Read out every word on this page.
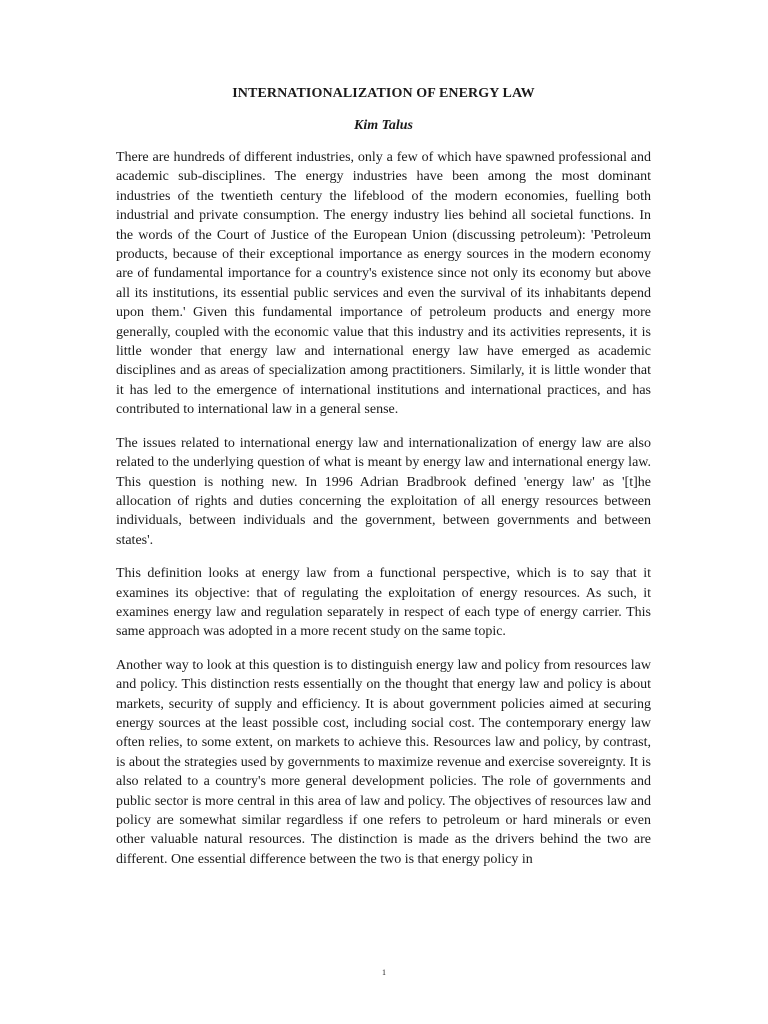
INTERNATIONALIZATION OF ENERGY LAW

Kim Talus

There are hundreds of different industries, only a few of which have spawned professional and academic sub-disciplines. The energy industries have been among the most dominant industries of the twentieth century the lifeblood of the modern economies, fuelling both industrial and private consumption. The energy industry lies behind all societal functions. In the words of the Court of Justice of the European Union (discussing petroleum): 'Petroleum products, because of their exceptional importance as energy sources in the modern economy are of fundamental importance for a country's existence since not only its economy but above all its institutions, its essential public services and even the survival of its inhabitants depend upon them.' Given this fundamental importance of petroleum products and energy more generally, coupled with the economic value that this industry and its activities represents, it is little wonder that energy law and international energy law have emerged as academic disciplines and as areas of specialization among practitioners. Similarly, it is little wonder that it has led to the emergence of international institutions and international practices, and has contributed to international law in a general sense.

The issues related to international energy law and internationalization of energy law are also related to the underlying question of what is meant by energy law and international energy law. This question is nothing new. In 1996 Adrian Bradbrook defined 'energy law' as '[t]he allocation of rights and duties concerning the exploitation of all energy resources between individuals, between individuals and the government, between governments and between states'.

This definition looks at energy law from a functional perspective, which is to say that it examines its objective: that of regulating the exploitation of energy resources. As such, it examines energy law and regulation separately in respect of each type of energy carrier. This same approach was adopted in a more recent study on the same topic.

Another way to look at this question is to distinguish energy law and policy from resources law and policy. This distinction rests essentially on the thought that energy law and policy is about markets, security of supply and efficiency. It is about government policies aimed at securing energy sources at the least possible cost, including social cost. The contemporary energy law often relies, to some extent, on markets to achieve this. Resources law and policy, by contrast, is about the strategies used by governments to maximize revenue and exercise sovereignty. It is also related to a country's more general development policies. The role of governments and public sector is more central in this area of law and policy. The objectives of resources law and policy are somewhat similar regardless if one refers to petroleum or hard minerals or even other valuable natural resources. The distinction is made as the drivers behind the two are different. One essential difference between the two is that energy policy in

1
